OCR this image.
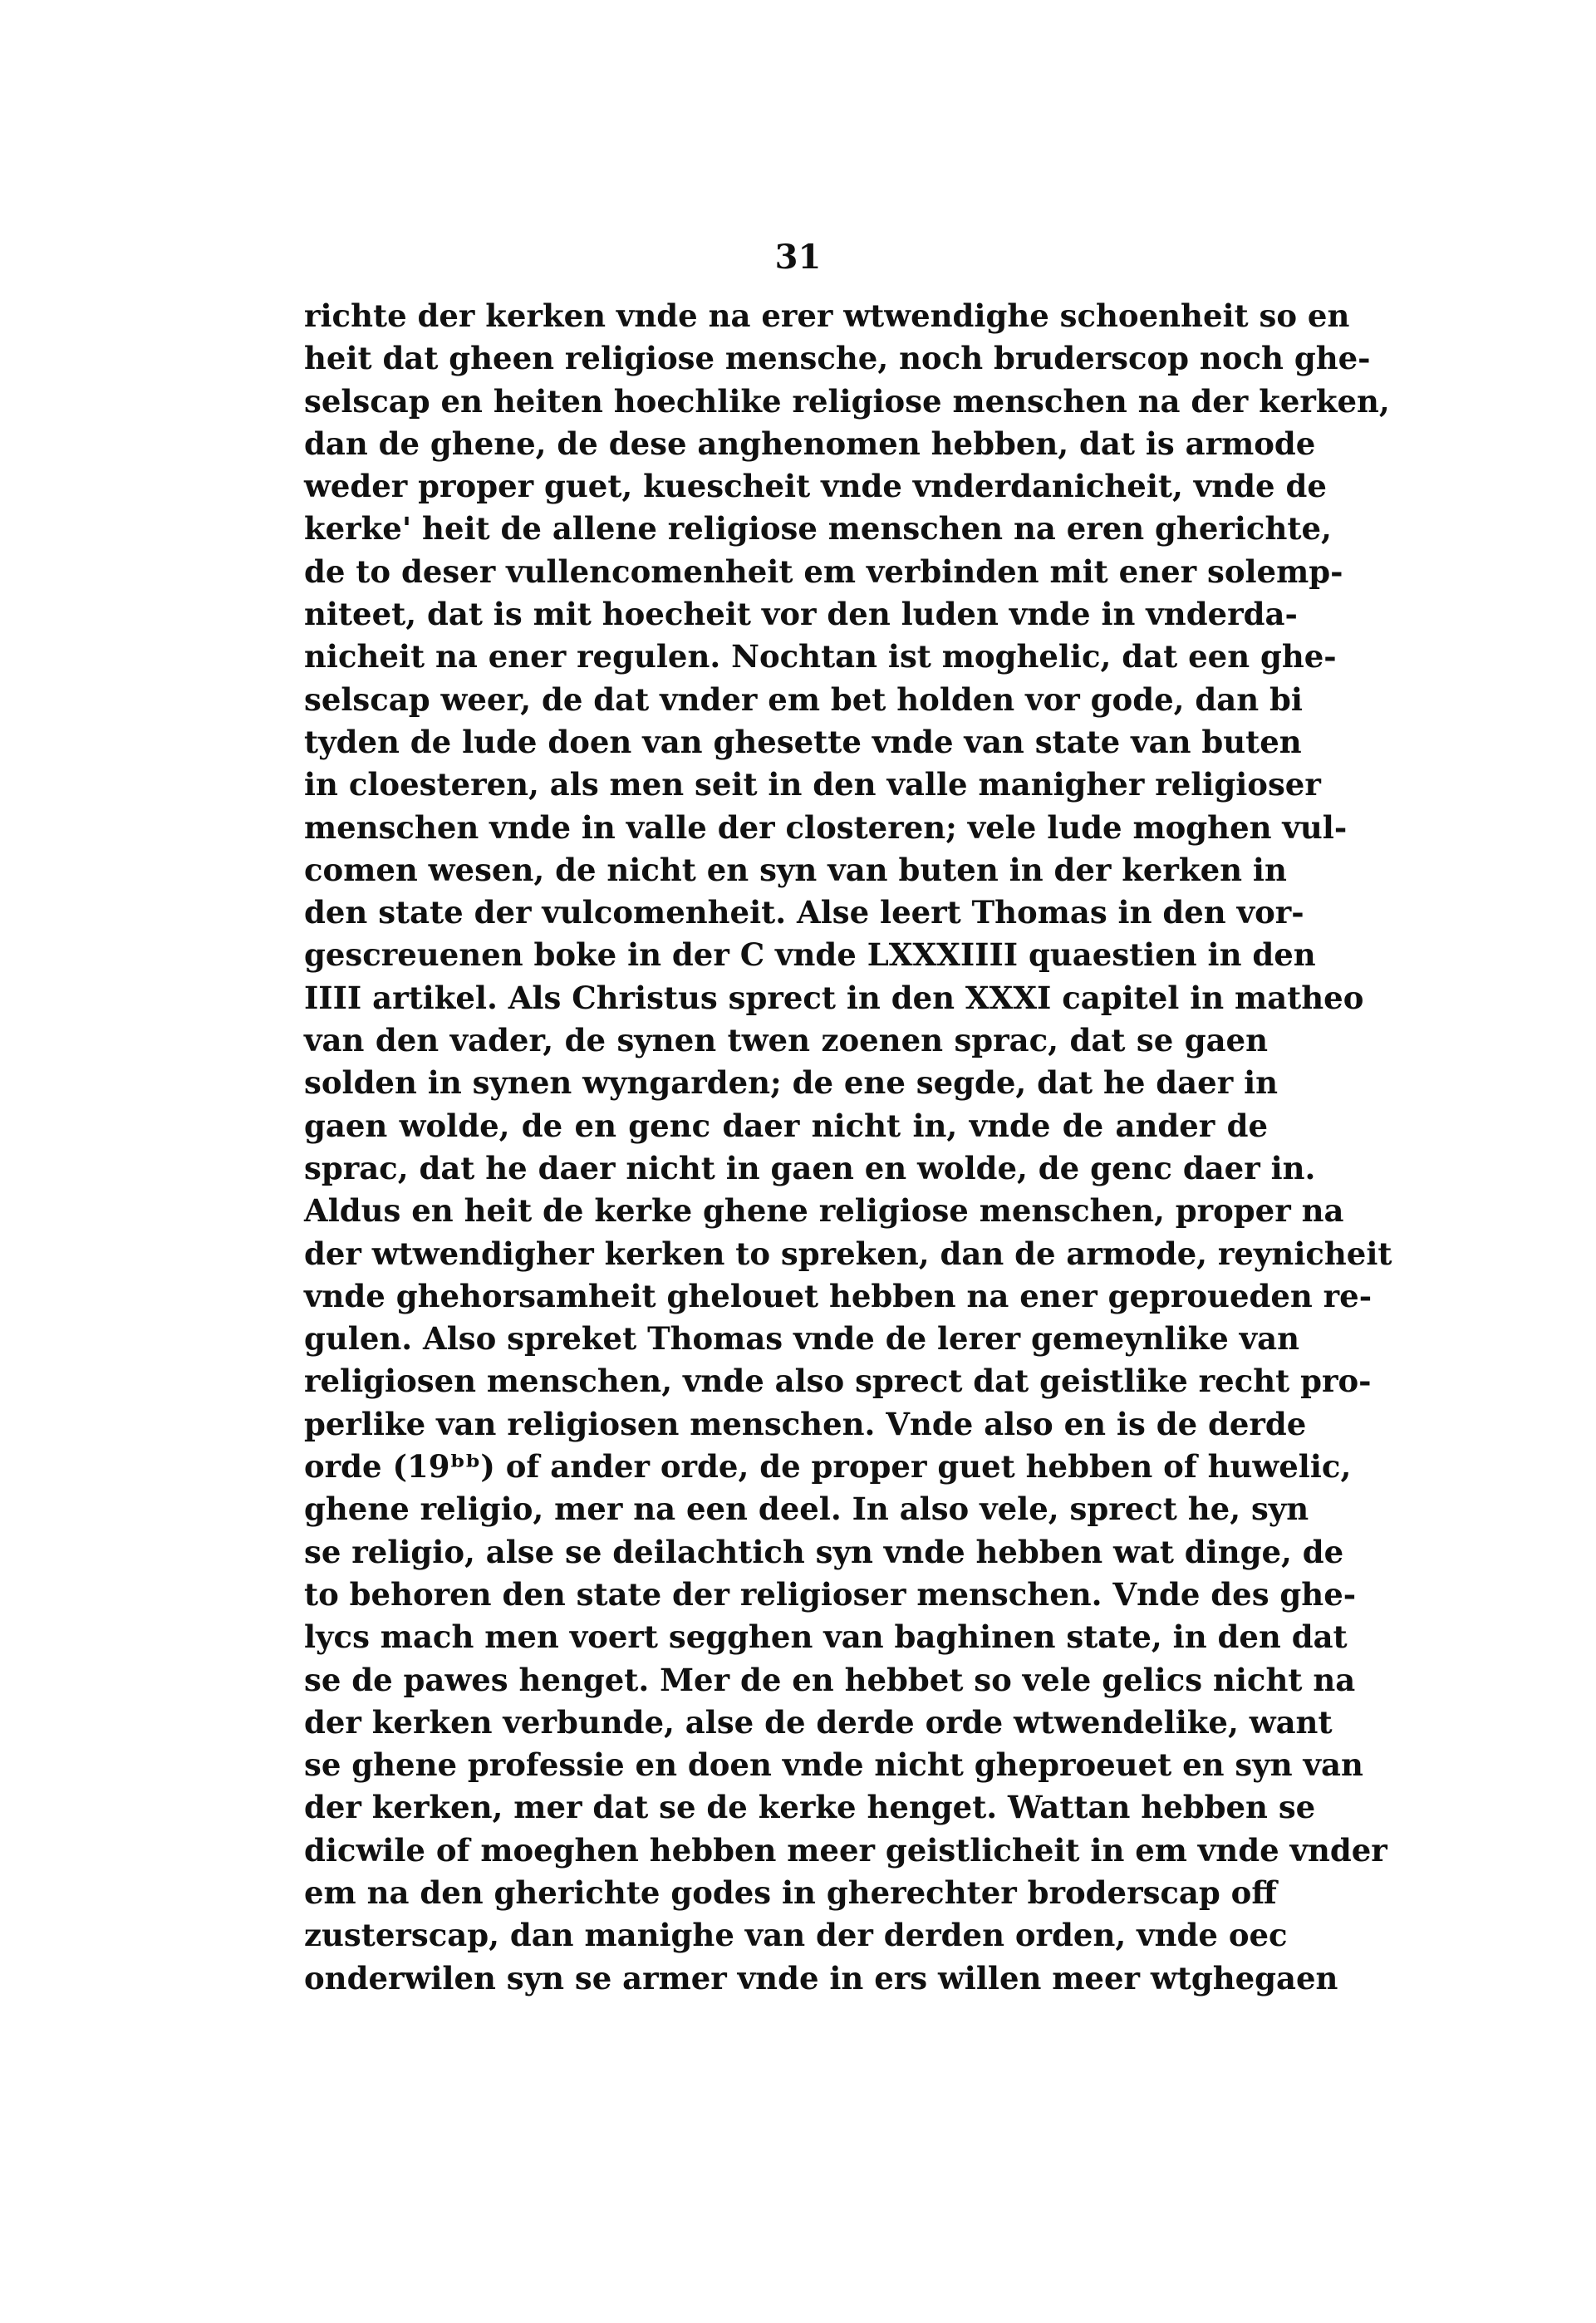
31
richte der kerken vnde na erer wtwendighe schoenheit so en
heit dat gheen religiose mensche, noch bruderscop noch ghe-
selscap en heiten hoechlike religiose menschen na der kerken,
dan de ghene, de dese anghenomen hebben, dat is armode
weder proper guet, kuescheit vnde vnderdanicheit, vnde de
kerke' heit de allene religiose menschen na eren gherichte,
de to deser vullencomenheit em verbinden mit ener solemp-
niteet, dat is mit hoecheit vor den luden vnde in vnderda-
nicheit na ener regulen. Nochtan ist moghelic, dat een ghe-
selscap weer, de dat vnder em bet holden vor gode, dan bi
tyden de lude doen van ghesette vnde van state van buten
in cloesteren, als men seit in den valle manigher religioser
menschen vnde in valle der closteren; vele lude moghen vul-
comen wesen, de nicht en syn van buten in der kerken in
den state der vulcomenheit. Alse leert Thomas in den vor-
gescreuenen boke in der C vnde LXXXIIII quaestien in den
IIII artikel. Als Christus sprect in den XXXI capitel in matheo
van den vader, de synen twen zoenen sprac, dat se gaen
solden in synen wyngarden; de ene segde, dat he daer in
gaen wolde, de en genc daer nicht in, vnde de ander de
sprac, dat he daer nicht in gaen en wolde, de genc daer in.
Aldus en heit de kerke ghene religiose menschen, proper na
der wtwendigher kerken to spreken, dan de armode, reynicheit
vnde ghehorsamheit ghelouet hebben na ener geproueden re-
gulen. Also spreket Thomas vnde de lerer gemeynlike van
religiosen menschen, vnde also sprect dat geistlike recht pro-
perlike van religiosen menschen. Vnde also en is de derde
orde (19ᵇᵇ) of ander orde, de proper guet hebben of huwelic,
ghene religio, mer na een deel. In also vele, sprect he, syn
se religio, alse se deilachtich syn vnde hebben wat dinge, de
to behoren den state der religioser menschen. Vnde des ghe-
lycs mach men voert segghen van baghinen state, in den dat
se de pawes henget. Mer de en hebbet so vele gelics nicht na
der kerken verbunde, alse de derde orde wtwendelike, want
se ghene professie en doen vnde nicht gheproeuet en syn van
der kerken, mer dat se de kerke henget. Wattan hebben se
dicwile of moeghen hebben meer geistlicheit in em vnde vnder
em na den gherichte godes in gherechter broderscap off
zusterscap, dan manighe van der derden orden, vnde oec
onderwilen syn se armer vnde in ers willen meer wtghegaen
